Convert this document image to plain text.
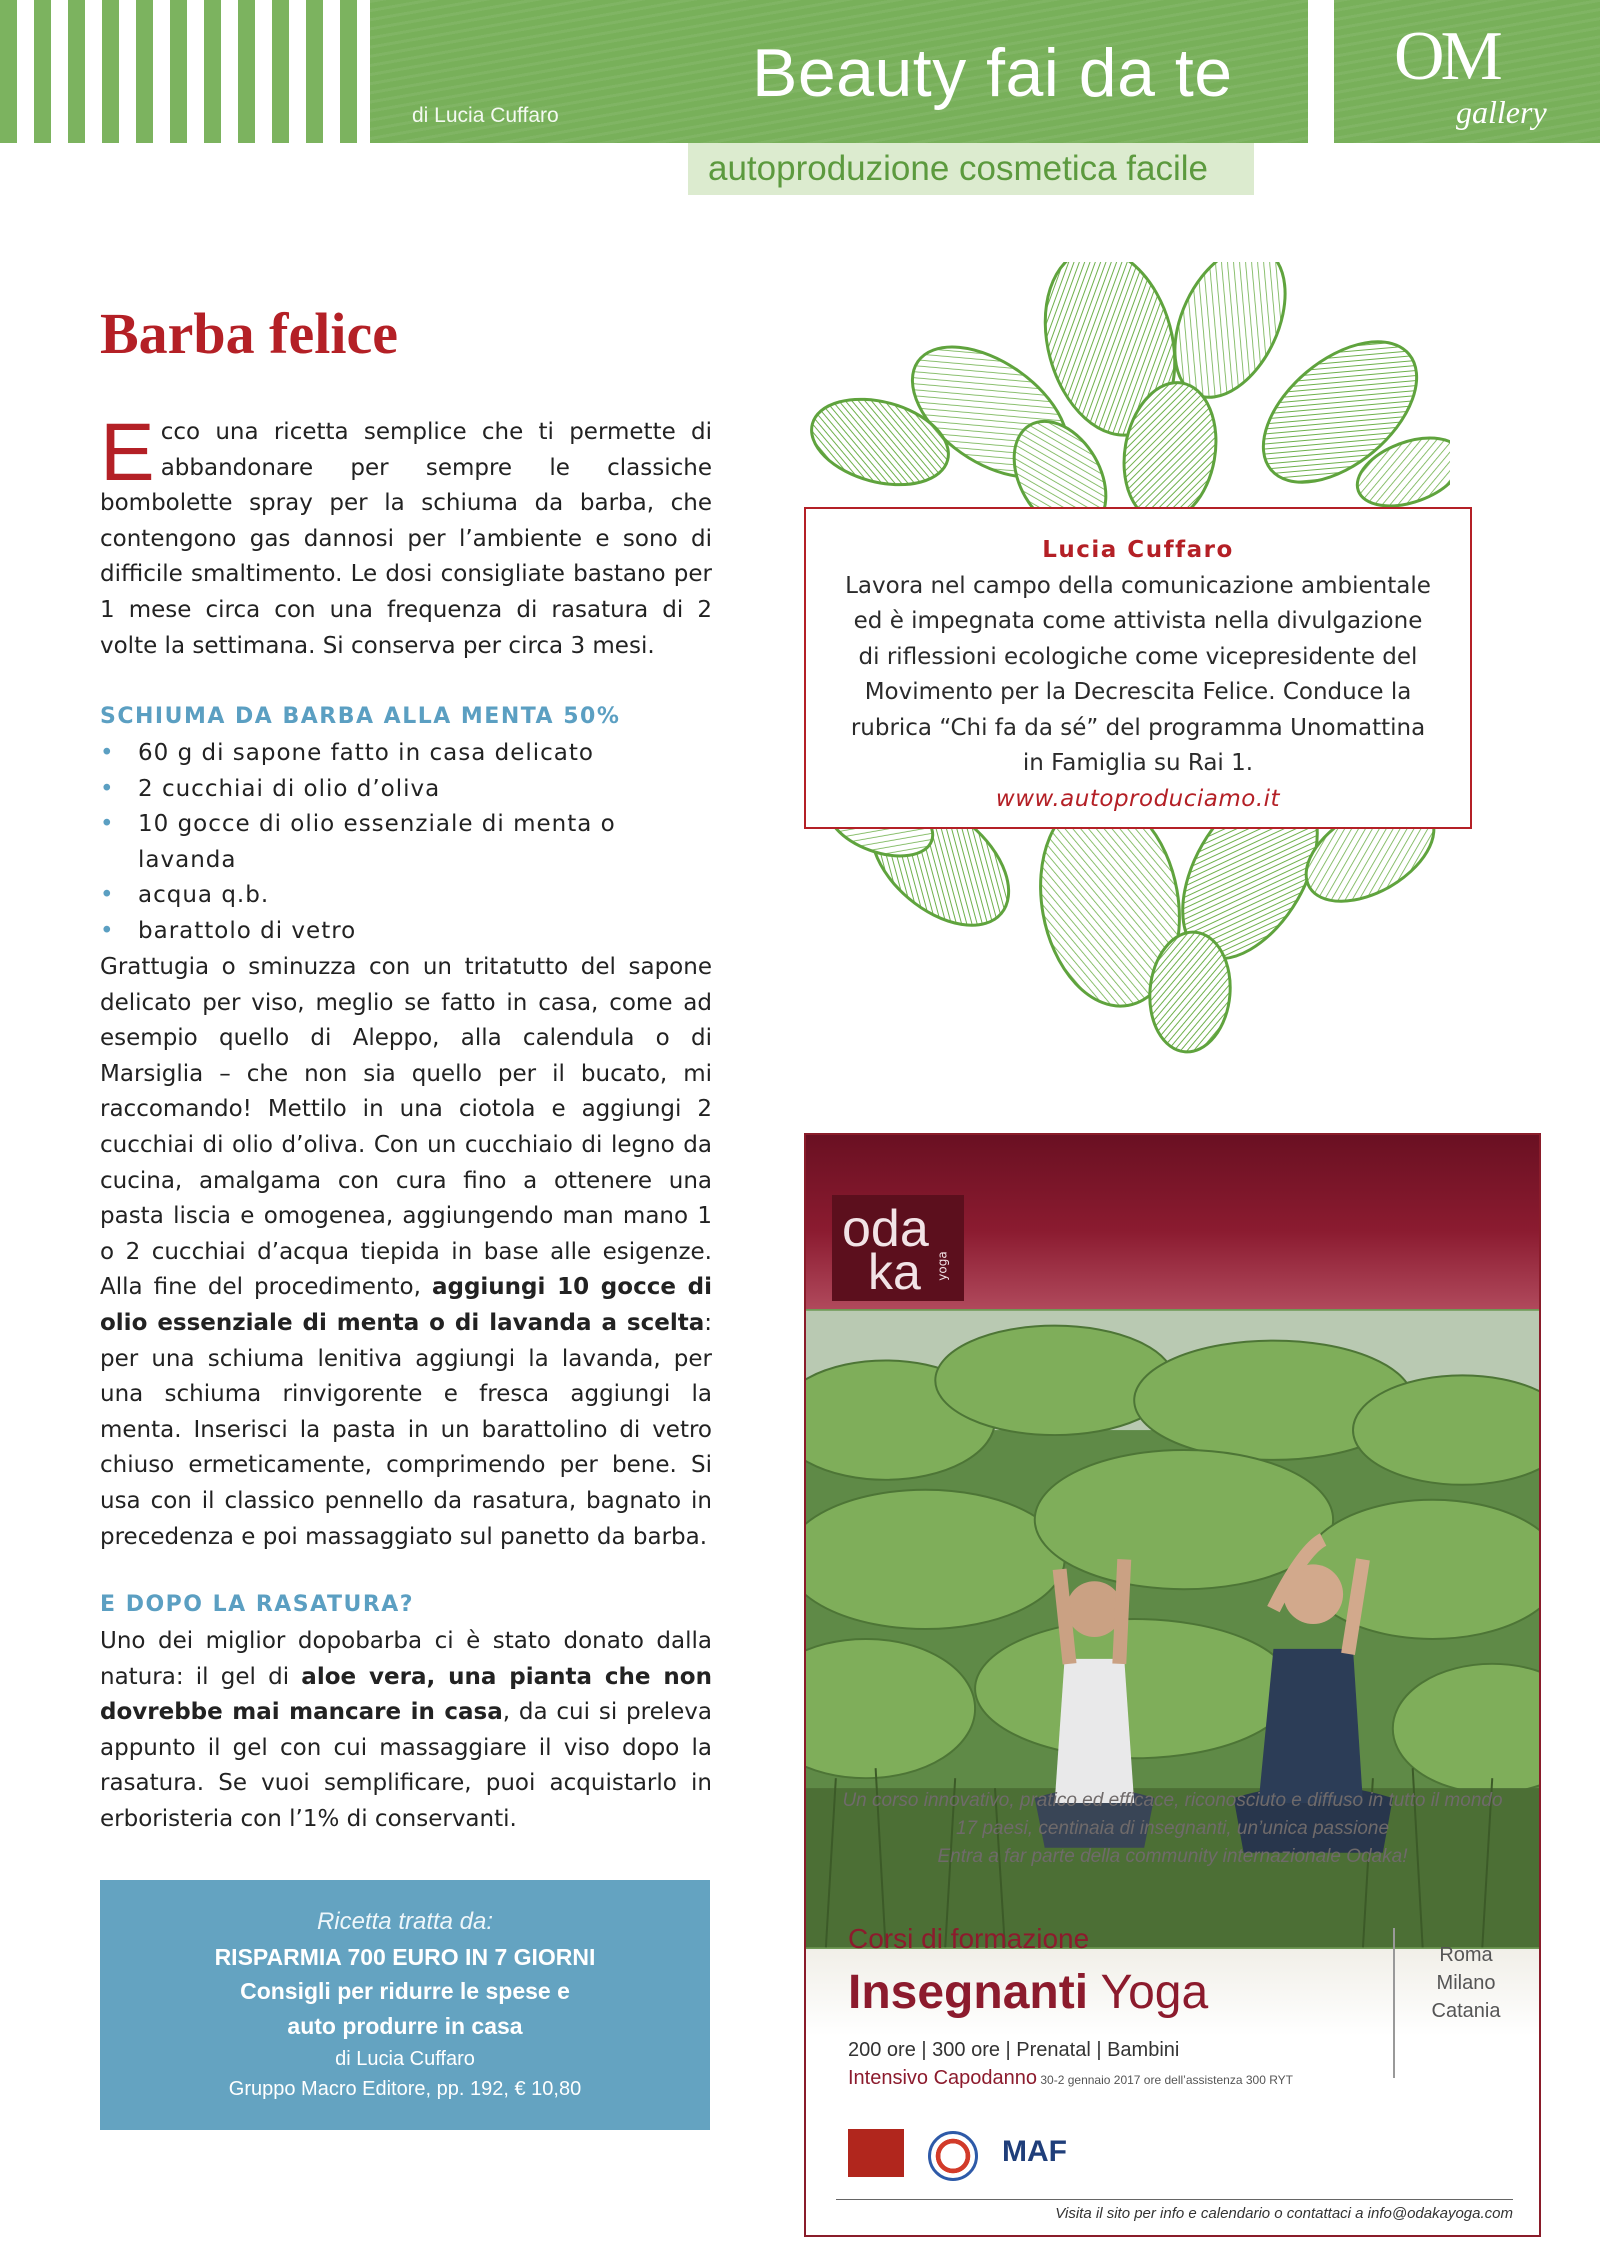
di Lucia Cuffaro
Beauty fai da te OM
gallery
autoproduzione cosmetica facile
Barba felice

Ecco una ricetta semplice che ti permette di abbandonare per sempre le classiche bombolette spray per la schiuma da barba, che contengono gas dannosi per l’ambiente e sono di difficile smaltimento. Le dosi consigliate bastano per 1 mese circa con una frequenza di rasatura di 2 volte la settimana. Si conserva per circa 3 mesi.

SCHIUMA DA BARBA ALLA MENTA 50%
• 60 g di sapone fatto in casa delicato
• 2 cucchiai di olio d’oliva
• 10 gocce di olio essenziale di menta o lavanda
• acqua q.b.
• barattolo di vetro

Grattugia o sminuzza con un tritatutto del sapone delicato per viso, meglio se fatto in casa, come ad esempio quello di Aleppo, alla calendula o di Marsiglia – che non sia quello per il bucato, mi raccomando! Mettilo in una ciotola e aggiungi 2 cucchiai di olio d’oliva. Con un cucchiaio di legno da cucina, amalgama con cura fino a ottenere una pasta liscia e omogenea, aggiungendo man mano 1 o 2 cucchiai d’acqua tiepida in base alle esigenze. Alla fine del procedimento, aggiungi 10 gocce di olio essenziale di menta o di lavanda a scelta: per una schiuma lenitiva aggiungi la lavanda, per una schiuma rinvigorente e fresca aggiungi la menta. Inserisci la pasta in un barattolino di vetro chiuso ermeticamente, comprimendo per bene. Si usa con il classico pennello da rasatura, bagnato in precedenza e poi massaggiato sul panetto da barba.

E DOPO LA RASATURA?

Uno dei miglior dopobarba ci è stato donato dalla natura: il gel di aloe vera, una pianta che non dovrebbe mai mancare in casa, da cui si preleva appunto il gel con cui massaggiare il viso dopo la rasatura. Se vuoi semplificare, puoi acquistarlo in erboristeria con l’1% di conservanti.

Ricetta tratta da:
RISPARMIA 700 EURO IN 7 GIORNI
Consigli per ridurre le spese e
auto produrre in casa
di Lucia Cuffaro
Gruppo Macro Editore, pp. 192, € 10,80
Lucia Cuffaro
Lavora nel campo della comunicazione ambientale ed è impegnata come attivista nella divulgazione di riflessioni ecologiche come vicepresidente del Movimento per la Decrescita Felice. Conduce la rubrica “Chi fa da sé” del programma Unomattina in Famiglia su Rai 1.
www.autoproduciamo.it
oda
ka yoga
Un corso innovativo, pratico ed efficace, riconosciuto e diffuso in tutto il mondo
17 paesi, centinaia di insegnanti, un’unica passione
Entra a far parte della community internazionale Odaka!
Corsi di formazione
Insegnanti Yoga
200 ore | 300 ore | Prenatal | Bambini
Intensivo Capodanno 30-2 gennaio 2017 ore dell’assistenza 300 RYT
Roma
Milano
Catania
MAF
Visita il sito per info e calendario o contattaci a info@odakayoga.com
